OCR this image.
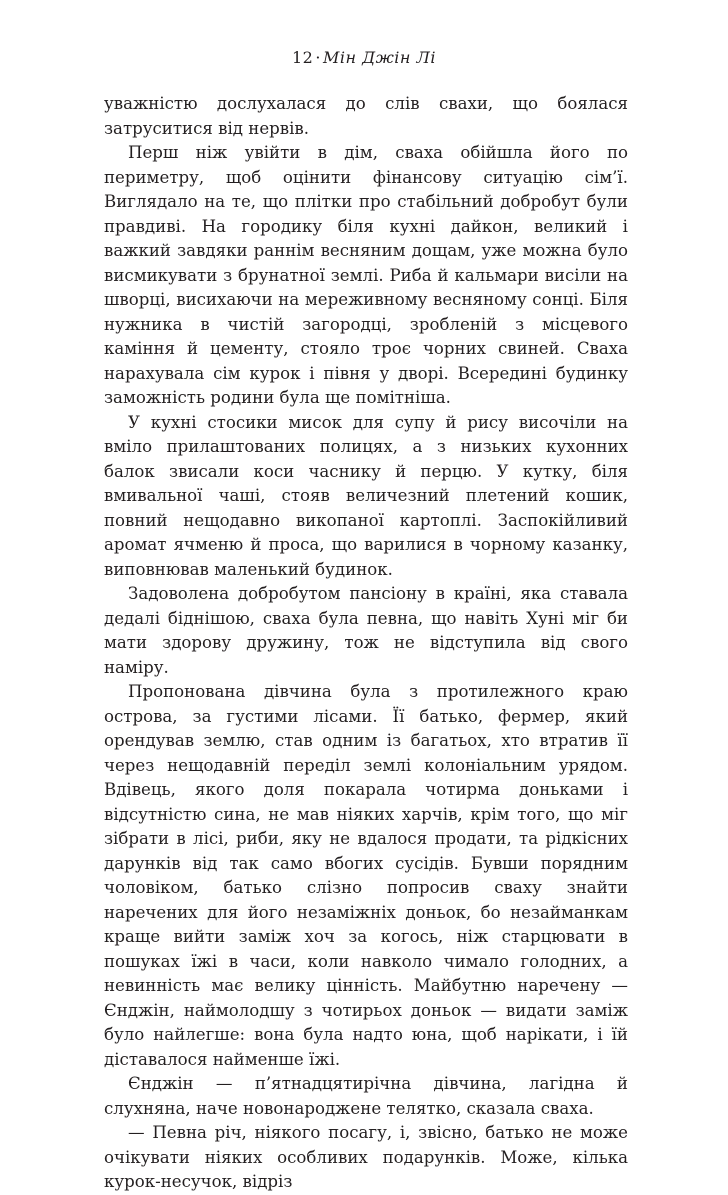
12 · Мін Джін Лі

уважністю дослухалася до слів свахи, що боялася затруситися від нервів.

Перш ніж увійти в дім, сваха обійшла його по периметру, щоб оцінити фінансову ситуацію сім’ї. Виглядало на те, що плітки про стабільний добробут були правдиві. На городику біля кухні дайкон, великий і важкий завдяки раннім весняним дощам, уже можна було висмикувати з брунатної землі. Риба й кальмари висіли на шворці, висихаючи на мереживному весняному сонці. Біля нужника в чистій загородці, зробленій з місцевого каміння й цементу, стояло троє чорних свиней. Сваха нарахувала сім курок і півня у дворі. Всередині будинку заможність родини була ще помітніша.

У кухні стосики мисок для супу й рису височіли на вміло прилаштованих полицях, а з низьких кухонних балок звисали коси часнику й перцю. У кутку, біля вмивальної чаші, стояв величезний плетений кошик, повний нещодавно викопаної картоплі. Заспокійливий аромат ячменю й проса, що варилися в чорному казанку, виповнював маленький будинок.

Задоволена добробутом пансіону в країні, яка ставала дедалі біднішою, сваха була певна, що навіть Хуні міг би мати здорову дружину, тож не відступила від свого наміру.

Пропонована дівчина була з протилежного краю острова, за густими лісами. Її батько, фермер, який орендував землю, став одним із багатьох, хто втратив її через нещодавній переділ землі колоніальним урядом. Вдівець, якого доля покарала чотирма доньками і відсутністю сина, не мав ніяких харчів, крім того, що міг зібрати в лісі, риби, яку не вдалося продати, та рідкісних дарунків від так само вбогих сусідів. Бувши порядним чоловіком, батько слізно попросив сваху знайти наречених для його незаміжніх доньок, бо незайманкам краще вийти заміж хоч за когось, ніж старцювати в пошуках їжі в часи, коли навколо чимало голодних, а невинність має велику цінність. Майбутню наречену — Єнджін, наймолодшу з чотирьох доньок — видати заміж було найлегше: вона була надто юна, щоб нарікати, і їй діставалося найменше їжі.

Єнджін — п’ятнадцятирічна дівчина, лагідна й слухняна, наче новонароджене телятко, сказала сваха.

— Певна річ, ніякого посагу, і, звісно, батько не може очікувати ніяких особливих подарунків. Може, кілька курок-несучок, відріз
